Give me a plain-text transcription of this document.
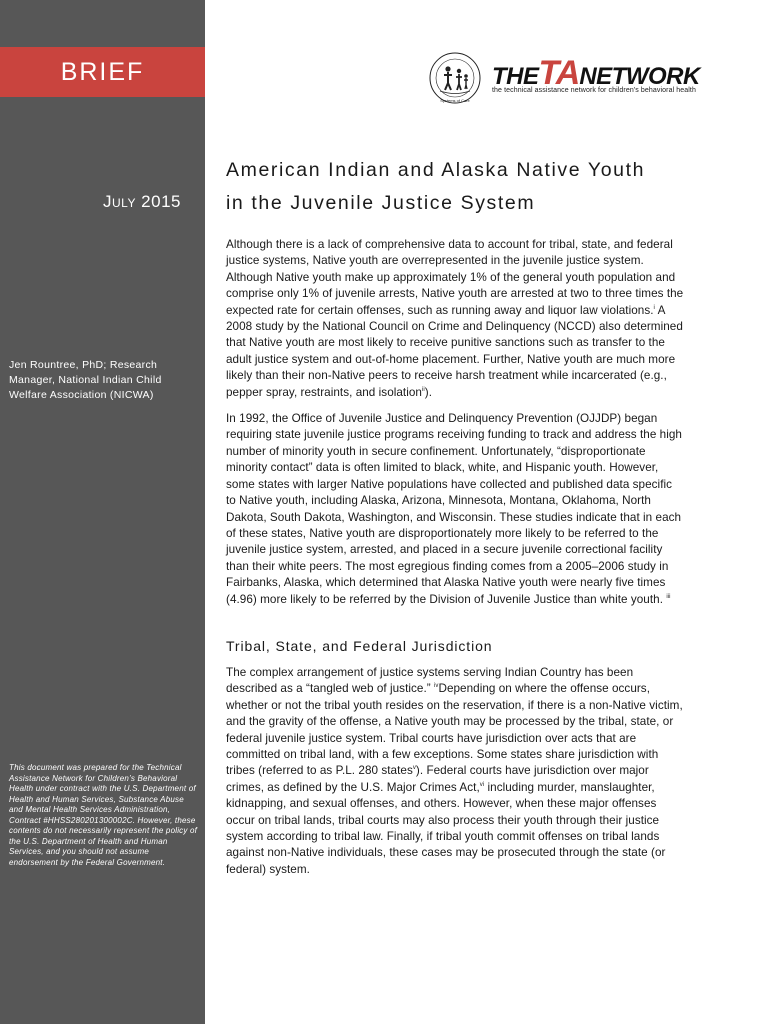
BRIEF
July 2015
Jen Rountree, PhD; Research Manager, National Indian Child Welfare Association (NICWA)
This document was prepared for the Technical Assistance Network for Children’s Behavioral Health under contract with the U.S. Department of Health and Human Services, Substance Abuse and Mental Health Services Administration, Contract #HHSS280201300002C. However, these contents do not necessarily represent the policy of the U.S. Department of Health and Human Services, and you should not assume endorsement by the Federal Government.
Systems of Care
THETANETWORK
the technical assistance network for children's behavioral health
American Indian and Alaska Native Youth
in the Juvenile Justice System

Although there is a lack of comprehensive data to account for tribal, state, and federal justice systems, Native youth are overrepresented in the juvenile justice system. Although Native youth make up approximately 1% of the general youth population and comprise only 1% of juvenile arrests, Native youth are arrested at two to three times the expected rate for certain offenses, such as running away and liquor law violations.$^i$ A 2008 study by the National Council on Crime and Delinquency (NCCD) also determined that Native youth are most likely to receive punitive sanctions such as transfer to the adult justice system and out-of-home placement. Further, Native youth are much more likely than their non-Native peers to receive harsh treatment while incarcerated (e.g., pepper spray, restraints, and isolation$^{ii}$).

In 1992, the Office of Juvenile Justice and Delinquency Prevention (OJJDP) began requiring state juvenile justice programs receiving funding to track and address the high number of minority youth in secure confinement. Unfortunately, “disproportionate minority contact” data is often limited to black, white, and Hispanic youth. However, some states with larger Native populations have collected and published data specific to Native youth, including Alaska, Arizona, Minnesota, Montana, Oklahoma, North Dakota, South Dakota, Washington, and Wisconsin. These studies indicate that in each of these states, Native youth are disproportionately more likely to be referred to the juvenile justice system, arrested, and placed in a secure juvenile correctional facility than their white peers. The most egregious finding comes from a 2005–2006 study in Fairbanks, Alaska, which determined that Alaska Native youth were nearly five times (4.96) more likely to be referred by the Division of Juvenile Justice than white youth. $^{iii}$

Tribal, State, and Federal Jurisdiction

The complex arrangement of justice systems serving Indian Country has been described as a “tangled web of justice.” $^{iv}$Depending on where the offense occurs, whether or not the tribal youth resides on the reservation, if there is a non-Native victim, and the gravity of the offense, a Native youth may be processed by the tribal, state, or federal juvenile justice system. Tribal courts have jurisdiction over acts that are committed on tribal land, with a few exceptions. Some states share jurisdiction with tribes (referred to as P.L. 280 states$^v$). Federal courts have jurisdiction over major crimes, as defined by the U.S. Major Crimes Act,$^{vi}$ including murder, manslaughter, kidnapping, and sexual offenses, and others. However, when these major offenses occur on tribal lands, tribal courts may also process their youth through their justice system according to tribal law. Finally, if tribal youth commit offenses on tribal lands against non-Native individuals, these cases may be prosecuted through the state (or federal) system.
